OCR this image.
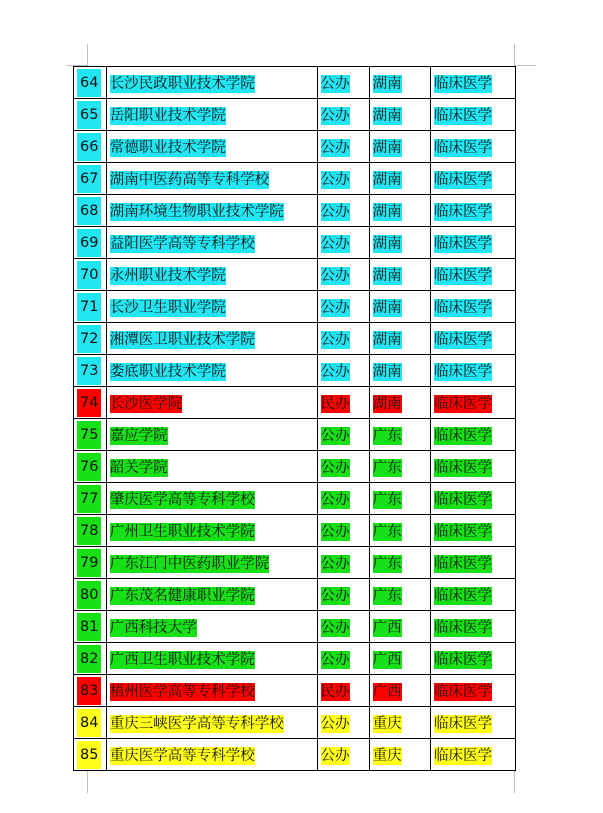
64	长沙民政职业技术学院	公办	湖南	临床医学
65	岳阳职业技术学院	公办	湖南	临床医学
66	常德职业技术学院	公办	湖南	临床医学
67	湖南中医药高等专科学校	公办	湖南	临床医学
68	湖南环境生物职业技术学院	公办	湖南	临床医学
69	益阳医学高等专科学校	公办	湖南	临床医学
70	永州职业技术学院	公办	湖南	临床医学
71	长沙卫生职业学院	公办	湖南	临床医学
72	湘潭医卫职业技术学院	公办	湖南	临床医学
73	娄底职业技术学院	公办	湖南	临床医学
74	长沙医学院	民办	湖南	临床医学
75	嘉应学院	公办	广东	临床医学
76	韶关学院	公办	广东	临床医学
77	肇庆医学高等专科学校	公办	广东	临床医学
78	广州卫生职业技术学院	公办	广东	临床医学
79	广东江门中医药职业学院	公办	广东	临床医学
80	广东茂名健康职业学院	公办	广东	临床医学
81	广西科技大学	公办	广西	临床医学
82	广西卫生职业技术学院	公办	广西	临床医学
83	梧州医学高等专科学校	民办	广西	临床医学
84	重庆三峡医学高等专科学校	公办	重庆	临床医学
85	重庆医学高等专科学校	公办	重庆	临床医学
